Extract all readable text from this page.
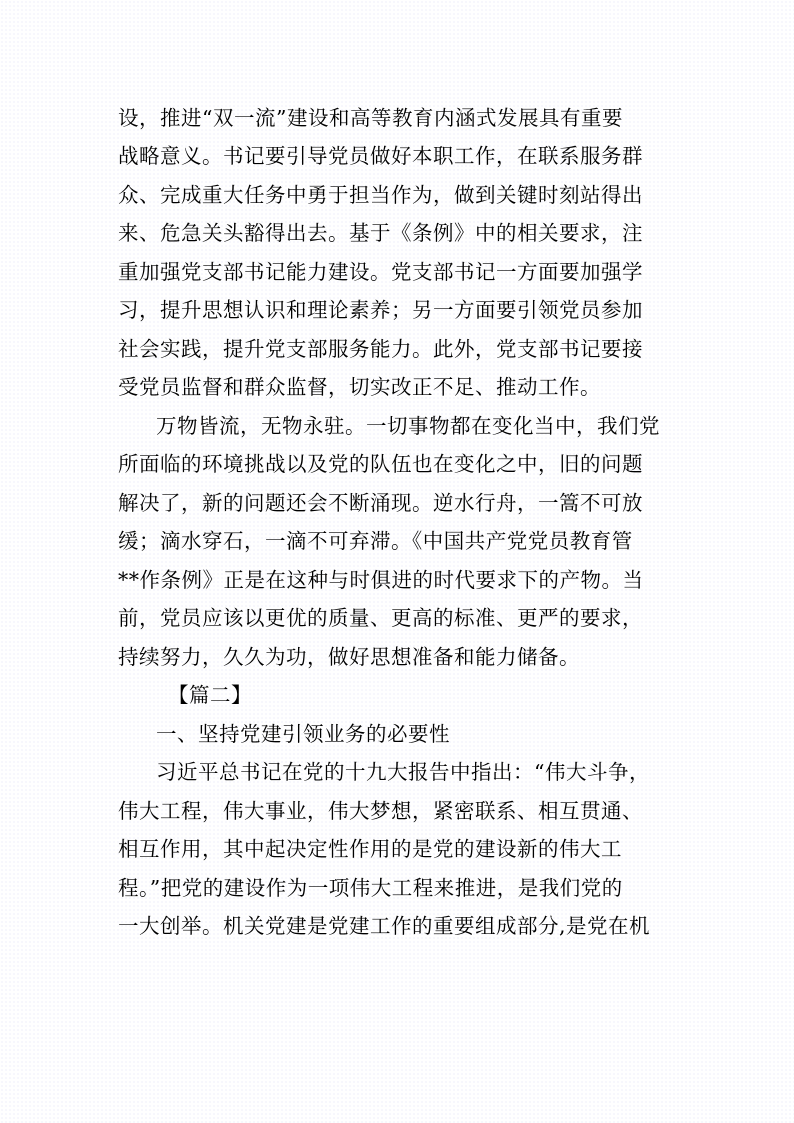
设，推进“双一流”建设和高等教育内涵式发展具有重要
战略意义。书记要引导党员做好本职工作，在联系服务群
众、完成重大任务中勇于担当作为，做到关键时刻站得出
来、危急关头豁得出去。基于《条例》中的相关要求，注
重加强党支部书记能力建设。党支部书记一方面要加强学
习，提升思想认识和理论素养；另一方面要引领党员参加
社会实践，提升党支部服务能力。此外，党支部书记要接
受党员监督和群众监督，切实改正不足、推动工作。
万物皆流，无物永驻。一切事物都在变化当中，我们党
所面临的环境挑战以及党的队伍也在变化之中，旧的问题
解决了，新的问题还会不断涌现。逆水行舟，一篙不可放
缓；滴水穿石，一滴不可弃滞。《中国共产党党员教育管
**作条例》正是在这种与时俱进的时代要求下的产物。当
前，党员应该以更优的质量、更高的标准、更严的要求，
持续努力，久久为功，做好思想准备和能力储备。
【篇二】
一、坚持党建引领业务的必要性
习近平总书记在党的十九大报告中指出：“伟大斗争，
伟大工程，伟大事业，伟大梦想，紧密联系、相互贯通、
相互作用，其中起决定性作用的是党的建设新的伟大工
程。”把党的建设作为一项伟大工程来推进，是我们党的
一大创举。机关党建是党建工作的重要组成部分,是党在机
